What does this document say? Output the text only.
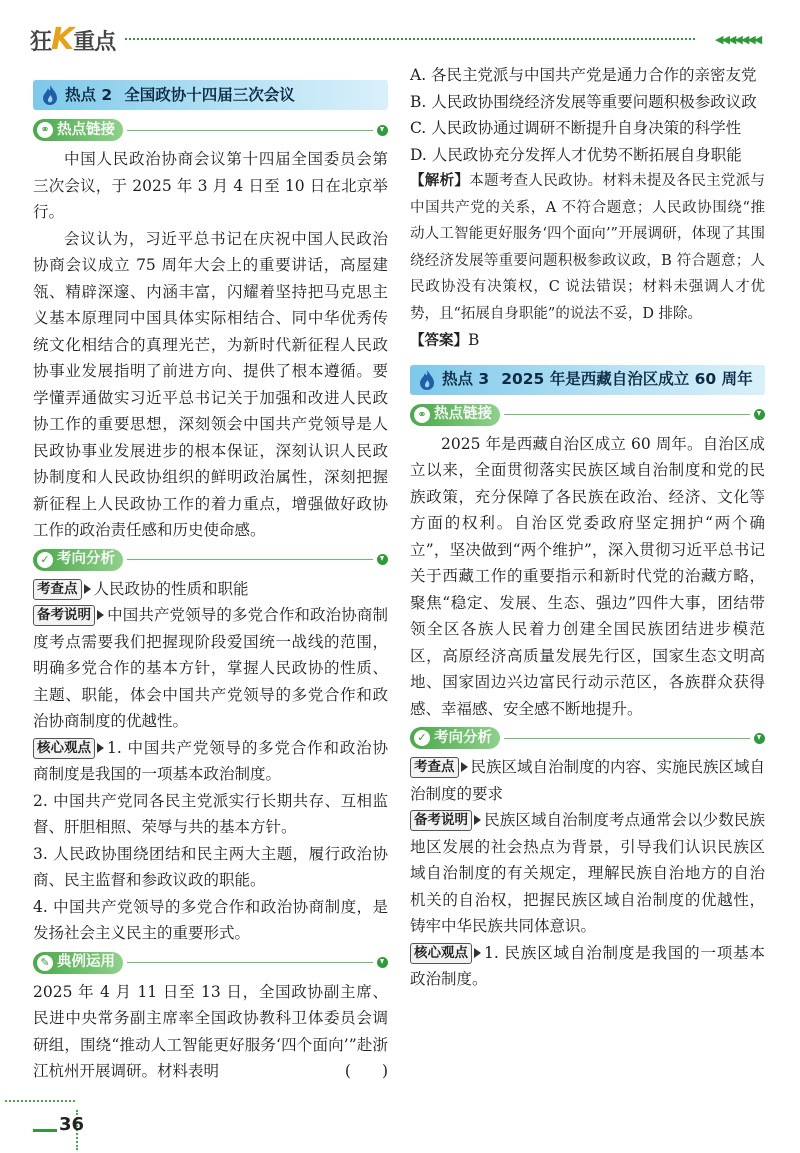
狂K重点	◀◀◀◀◀◀◀
热点 2 全国政协十四届三次会议
⚭ 热点链接

中国人民政治协商会议第十四届全国委员会第三次会议，于 2025 年 3 月 4 日至 10 日在北京举行。

会议认为，习近平总书记在庆祝中国人民政治协商会议成立 75 周年大会上的重要讲话，高屋建瓴、精辟深邃、内涵丰富，闪耀着坚持把马克思主义基本原理同中国具体实际相结合、同中华优秀传统文化相结合的真理光芒，为新时代新征程人民政协事业发展指明了前进方向、提供了根本遵循。要学懂弄通做实习近平总书记关于加强和改进人民政协工作的重要思想，深刻领会中国共产党领导是人民政协事业发展进步的根本保证，深刻认识人民政协制度和人民政协组织的鲜明政治属性，深刻把握新征程上人民政协工作的着力重点，增强做好政协工作的政治责任感和历史使命感。

✓ 考向分析

考查点 人民政协的性质和职能

备考说明 中国共产党领导的多党合作和政治协商制度考点需要我们把握现阶段爱国统一战线的范围，明确多党合作的基本方针，掌握人民政协的性质、主题、职能，体会中国共产党领导的多党合作和政治协商制度的优越性。

核心观点 1. 中国共产党领导的多党合作和政治协商制度是我国的一项基本政治制度。

2. 中国共产党同各民主党派实行长期共存、互相监督、肝胆相照、荣辱与共的基本方针。

3. 人民政协围绕团结和民主两大主题，履行政治协商、民主监督和参政议政的职能。

4. 中国共产党领导的多党合作和政治协商制度，是发扬社会主义民主的重要形式。

✎ 典例运用

2025 年 4 月 11 日至 13 日，全国政协副主席、民进中央常务副主席率全国政协教科卫体委员会调研组，围绕“推动人工智能更好服务‘四个面向’”赴浙江杭州开展调研。材料表明	(　　)

A. 各民主党派与中国共产党是通力合作的亲密友党

B. 人民政协围绕经济发展等重要问题积极参政议政

C. 人民政协通过调研不断提升自身决策的科学性

D. 人民政协充分发挥人才优势不断拓展自身职能

【解析】本题考查人民政协。材料未提及各民主党派与中国共产党的关系，A 不符合题意；人民政协围绕“推动人工智能更好服务‘四个面向’”开展调研，体现了其围绕经济发展等重要问题积极参政议政，B 符合题意；人民政协没有决策权，C 说法错误；材料未强调人才优势，且“拓展自身职能”的说法不妥，D 排除。

【答案】B

热点 3 2025 年是西藏自治区成立 60 周年
⚭ 热点链接

2025 年是西藏自治区成立 60 周年。自治区成立以来，全面贯彻落实民族区域自治制度和党的民族政策，充分保障了各民族在政治、经济、文化等方面的权利。自治区党委政府坚定拥护“两个确立”，坚决做到“两个维护”，深入贯彻习近平总书记关于西藏工作的重要指示和新时代党的治藏方略，聚焦“稳定、发展、生态、强边”四件大事，团结带领全区各族人民着力创建全国民族团结进步模范区，高原经济高质量发展先行区，国家生态文明高地、国家固边兴边富民行动示范区，各族群众获得感、幸福感、安全感不断地提升。

✓ 考向分析

考查点 民族区域自治制度的内容、实施民族区域自治制度的要求

备考说明 民族区域自治制度考点通常会以少数民族地区发展的社会热点为背景，引导我们认识民族区域自治制度的有关规定，理解民族自治地方的自治机关的自治权，把握民族区域自治制度的优越性，铸牢中华民族共同体意识。

核心观点 1. 民族区域自治制度是我国的一项基本政治制度。

36
